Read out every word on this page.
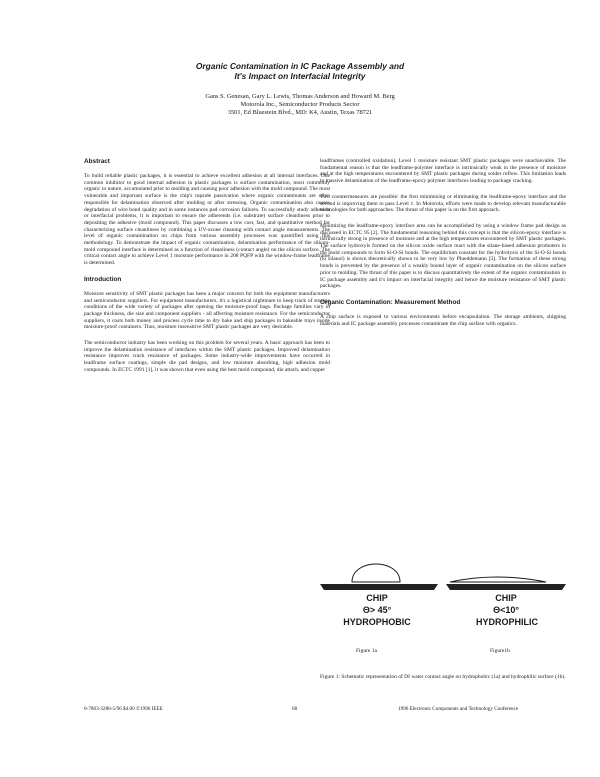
Organic Contamination in IC Package Assembly and
It's Impact on Interfacial Integrity
Gans S. Genesan, Gary L. Lewis, Thomas Anderson and Howard M. Berg
Motorola Inc., Semiconductor Products Sector
3501, Ed Bluestein Blvd., MD: K4, Austin, Texas 78721
Abstract

To build reliable plastic packages, it is essential to achieve excellent adhesion at all internal interfaces. One common inhibitor to good internal adhesion in plastic packages is surface contamination, most commonly organic in nature, accumulated prior to molding and causing poor adhesion with the mold compound. The most vulnerable and important surface is the chip's topside passivation where organic contaminants are often responsible for delamination observed after molding or after stressing. Organic contamination also causes degradation of wire bond quality and in some instances pad corrosion failures. To successfully study adhesion or interfacial problems, it is important to ensure the adherends (i.e. substrate) surface cleanliness prior to depositing the adhesive (mold compound). This paper discusses a low cost, fast, and quantitative method for characterizing surface cleanliness by combining a UV-ozone cleaning with contact angle measurements. The level of organic contamination on chips from various assembly processes was quantified using this methodology. To demonstrate the impact of organic contamination, delamination performance of the silicon-mold compound interface is determined as a function of cleanliness (contact angle) on the silicon surface. The critical contact angle to achieve Level 1 moisture performance in 208 PQFP with the window-frame leadframe is determined.

Introduction

Moisture sensitivity of SMT plastic packages has been a major concern for both the equipment manufacturers and semiconductor suppliers. For equipment manufacturers, it's a logistical nightmare to keep track of storage conditions of the wide variety of packages after opening the moisture-proof bags. Package families vary in package thickness, die size and component suppliers - all affecting moisture resistance. For the semiconductor suppliers, it costs both money and process cycle time to dry bake and ship packages in bakeable trays inside moisture-proof containers. Thus, moisture insensitive SMT plastic packages are very desirable.

The semiconductor industry has been working on this problem for several years. A basic approach has been to improve the delamination resistance of interfaces within the SMT plastic packages. Improved delamination resistance improves crack resistance of packages. Some industry-wide improvements have occurred in leadframe surface coatings, simple die pad designs, and low moisture absorbing, high adhesion mold compounds. In ECTC 1991 [1], it was shown that even using the best mold compound, die attach, and copper

leadframes (controlled oxidation), Level 1 moisture resistant SMT plastic packages were unachievable. The fundamental reason is that the leadframe-polymer interface is intrinsically weak in the presence of moisture and at the high temperatures encountered by SMT plastic packages during solder reflow. This limitation leads to massive delamination of the leadframe-epoxy polymer interfaces leading to package cracking.

Two countermeasures are possible: the first minimizing or eliminating the leadframe-epoxy interface and the second is improving them to pass Level 1. In Motorola, efforts were made to develop relevant manufacturable technologies for both approaches. The thrust of this paper is on the first approach.

Minimizing the leadframe-epoxy interface area can be accomplished by using a window frame pad design as discussed in ECTC 95 [2]. The fundamental reasoning behind this concept is that the silicon-epoxy interface is intrinsically strong in presence of moisture and at the high temperatures encountered by SMT plastic packages. The surface hydroxyls formed on the silicon oxide surface react with the silane-based adhesion promoters in the mold compounds to form Si-O-Si bonds. The equilibrium constant for the hydrolysis of the Si-O-Si bonds (to silanol) is shown theoretically shown to be very low by Plueddemann [3]. The formation of these strong bonds is prevented by the presence of a weakly bound layer of organic contamination on the silicon surface prior to molding. The thrust of this paper is to discuss quantitatively the extent of the organic contamination in IC package assembly and it's impact on interfacial integrity and hence the moisture resistance of SMT plastic packages.

Organic Contamination: Measurement Method

A chip surface is exposed to various environments before encapsulation. The storage ambients, shipping materials and IC package assembly processes contaminate the chip surface with organics.

CHIP
Θ> 45°
HYDROPHOBIC
CHIP
Θ<10°
HYDROPHILIC
Figure 1a	Figure1b
Figure 1: Schematic representation of DI water contact angle on hydrophobic (1a) and hydrophilic surface (1b).
0-7803-3286-5/96 $4.00 ©1996 IEEE	68	1996 Electronic Components and Technology Conference
